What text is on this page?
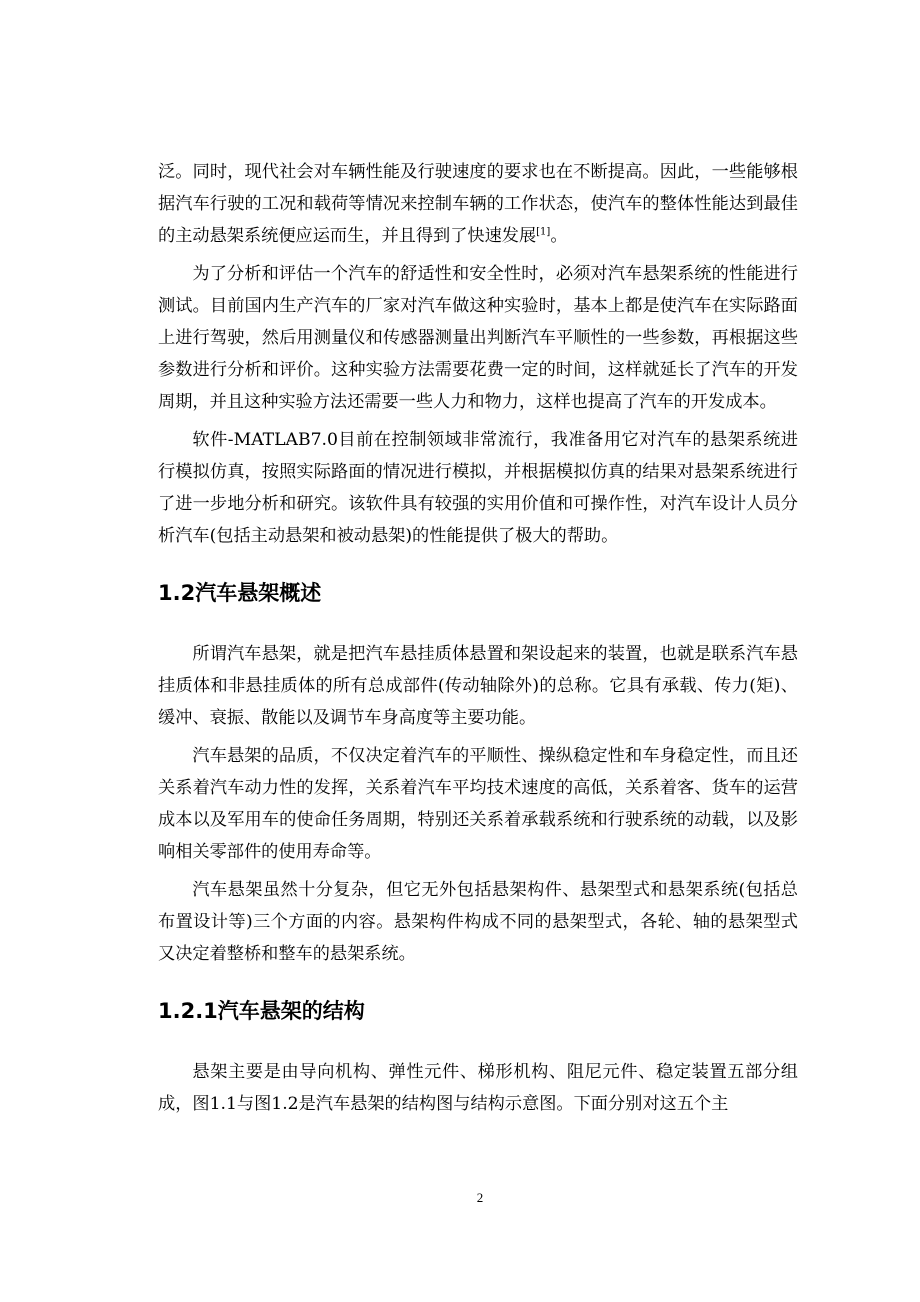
泛。同时，现代社会对车辆性能及行驶速度的要求也在不断提高。因此，一些能够根据汽车行驶的工况和载荷等情况来控制车辆的工作状态，使汽车的整体性能达到最佳的主动悬架系统便应运而生，并且得到了快速发展[1]。

为了分析和评估一个汽车的舒适性和安全性时，必须对汽车悬架系统的性能进行测试。目前国内生产汽车的厂家对汽车做这种实验时，基本上都是使汽车在实际路面上进行驾驶，然后用测量仪和传感器测量出判断汽车平顺性的一些参数，再根据这些参数进行分析和评价。这种实验方法需要花费一定的时间，这样就延长了汽车的开发周期，并且这种实验方法还需要一些人力和物力，这样也提高了汽车的开发成本。

软件-MATLAB7.0目前在控制领域非常流行，我准备用它对汽车的悬架系统进行模拟仿真，按照实际路面的情况进行模拟，并根据模拟仿真的结果对悬架系统进行了进一步地分析和研究。该软件具有较强的实用价值和可操作性，对汽车设计人员分析汽车(包括主动悬架和被动悬架)的性能提供了极大的帮助。

1.2汽车悬架概述

所谓汽车悬架，就是把汽车悬挂质体悬置和架设起来的装置，也就是联系汽车悬挂质体和非悬挂质体的所有总成部件(传动轴除外)的总称。它具有承载、传力(矩)、缓冲、衰振、散能以及调节车身高度等主要功能。

汽车悬架的品质，不仅决定着汽车的平顺性、操纵稳定性和车身稳定性，而且还关系着汽车动力性的发挥，关系着汽车平均技术速度的高低，关系着客、货车的运营成本以及军用车的使命任务周期，特别还关系着承载系统和行驶系统的动载，以及影响相关零部件的使用寿命等。

汽车悬架虽然十分复杂，但它无外包括悬架构件、悬架型式和悬架系统(包括总布置设计等)三个方面的内容。悬架构件构成不同的悬架型式，各轮、轴的悬架型式又决定着整桥和整车的悬架系统。

1.2.1汽车悬架的结构

悬架主要是由导向机构、弹性元件、梯形机构、阻尼元件、稳定装置五部分组成，图1.1与图1.2是汽车悬架的结构图与结构示意图。下面分别对这五个主

2
